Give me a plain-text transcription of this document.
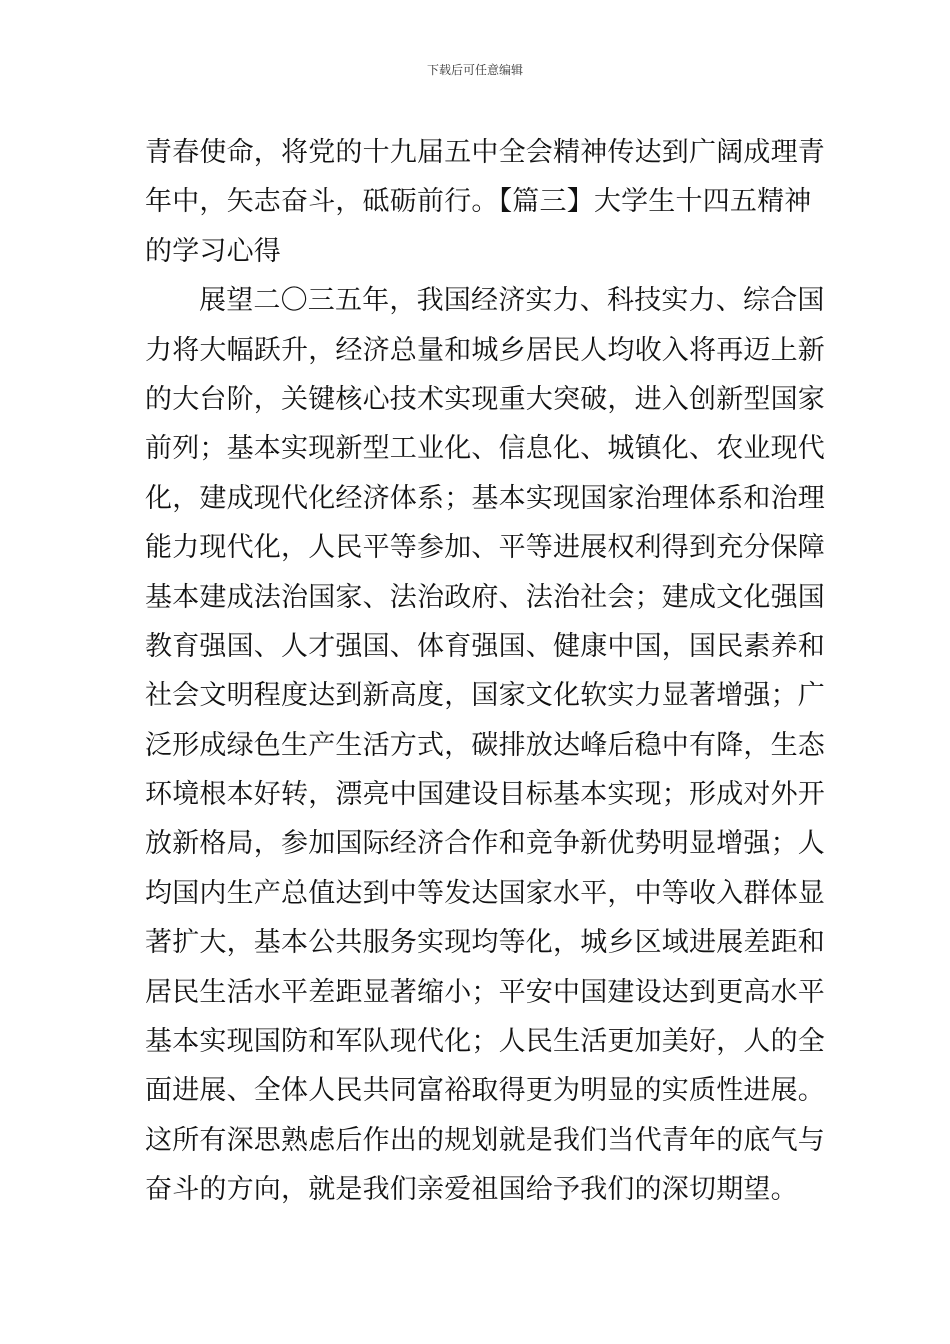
下载后可任意编辑
青春使命，将党的十九届五中全会精神传达到广阔成理青
年中，矢志奋斗，砥砺前行。【篇三】大学生十四五精神
的学习心得
展望二〇三五年，我国经济实力、科技实力、综合国
力将大幅跃升，经济总量和城乡居民人均收入将再迈上新
的大台阶，关键核心技术实现重大突破，进入创新型国家
前列；基本实现新型工业化、信息化、城镇化、农业现代
化，建成现代化经济体系；基本实现国家治理体系和治理
能力现代化，人民平等参加、平等进展权利得到充分保障
基本建成法治国家、法治政府、法治社会；建成文化强国
教育强国、人才强国、体育强国、健康中国，国民素养和
社会文明程度达到新高度，国家文化软实力显著增强；广
泛形成绿色生产生活方式，碳排放达峰后稳中有降，生态
环境根本好转，漂亮中国建设目标基本实现；形成对外开
放新格局，参加国际经济合作和竞争新优势明显增强；人
均国内生产总值达到中等发达国家水平，中等收入群体显
著扩大，基本公共服务实现均等化，城乡区域进展差距和
居民生活水平差距显著缩小；平安中国建设达到更高水平
基本实现国防和军队现代化；人民生活更加美好，人的全
面进展、全体人民共同富裕取得更为明显的实质性进展。
这所有深思熟虑后作出的规划就是我们当代青年的底气与
奋斗的方向，就是我们亲爱祖国给予我们的深切期望。
